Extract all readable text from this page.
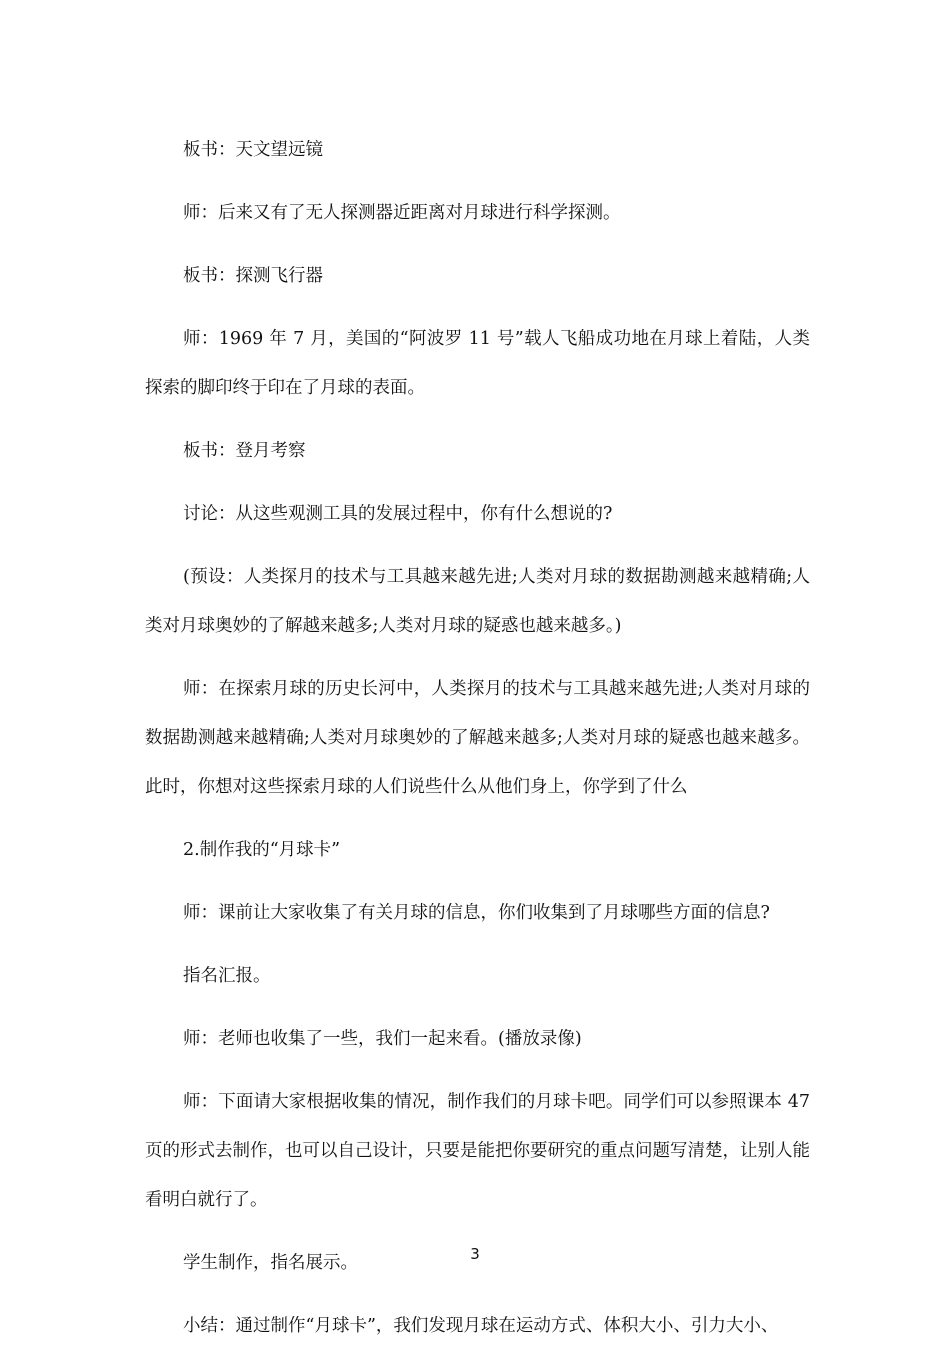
板书：天文望远镜

师：后来又有了无人探测器近距离对月球进行科学探测。

板书：探测飞行器

师：1969 年 7 月，美国的“阿波罗 11 号”载人飞船成功地在月球上着陆，人类探索的脚印终于印在了月球的表面。

板书：登月考察

讨论：从这些观测工具的发展过程中，你有什么想说的?

(预设：人类探月的技术与工具越来越先进;人类对月球的数据勘测越来越精确;人类对月球奥妙的了解越来越多;人类对月球的疑惑也越来越多。)

师：在探索月球的历史长河中，人类探月的技术与工具越来越先进;人类对月球的数据勘测越来越精确;人类对月球奥妙的了解越来越多;人类对月球的疑惑也越来越多。此时，你想对这些探索月球的人们说些什么从他们身上，你学到了什么

2.制作我的“月球卡”

师：课前让大家收集了有关月球的信息，你们收集到了月球哪些方面的信息?

指名汇报。

师：老师也收集了一些，我们一起来看。(播放录像)

师：下面请大家根据收集的情况，制作我们的月球卡吧。同学们可以参照课本 47 页的形式去制作，也可以自己设计，只要是能把你要研究的重点问题写清楚，让别人能看明白就行了。

学生制作，指名展示。

小结：通过制作“月球卡”，我们发现月球在运动方式、体积大小、引力大小、

3
